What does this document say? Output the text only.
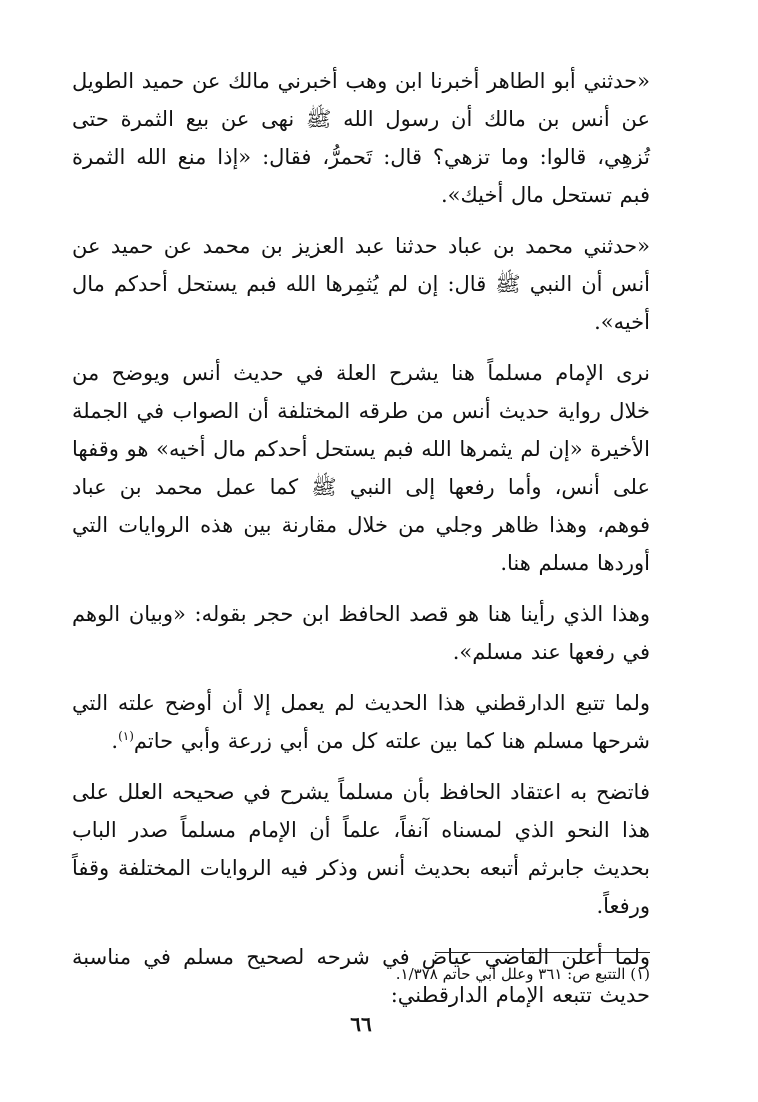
«حدثني أبو الطاهر أخبرنا ابن وهب أخبرني مالك عن حميد الطويل عن أنس بن مالك أن رسول الله ﷺ نهى عن بيع الثمرة حتى تُزهِي، قالوا: وما تزهي؟ قال: تَحمرُّ، فقال: «إذا منع الله الثمرة فبم تستحل مال أخيك».

«حدثني محمد بن عباد حدثنا عبد العزيز بن محمد عن حميد عن أنس أن النبي ﷺ قال: إن لم يُثمِرها الله فبم يستحل أحدكم مال أخيه».

نرى الإمام مسلماً هنا يشرح العلة في حديث أنس ويوضح من خلال رواية حديث أنس من طرقه المختلفة أن الصواب في الجملة الأخيرة «إن لم يثمرها الله فبم يستحل أحدكم مال أخيه» هو وقفها على أنس، وأما رفعها إلى النبي ﷺ كما عمل محمد بن عباد فوهم، وهذا ظاهر وجلي من خلال مقارنة بين هذه الروايات التي أوردها مسلم هنا.

وهذا الذي رأينا هنا هو قصد الحافظ ابن حجر بقوله: «وبيان الوهم في رفعها عند مسلم».

ولما تتبع الدارقطني هذا الحديث لم يعمل إلا أن أوضح علته التي شرحها مسلم هنا كما بين علته كل من أبي زرعة وأبي حاتم$^{(١)}$.

فاتضح به اعتقاد الحافظ بأن مسلماً يشرح في صحيحه العلل على هذا النحو الذي لمسناه آنفاً، علماً أن الإمام مسلماً صدر الباب بحديث جابرثم أتبعه بحديث أنس وذكر فيه الروايات المختلفة وقفاً ورفعاً.

ولما أعلن القاضي عياض في شرحه لصحيح مسلم في مناسبة حديث تتبعه الإمام الدارقطني:

(١) التتبع ص: ٣٦١ وعلل أبي حاتم ١/٣٧٨.
٦٦
